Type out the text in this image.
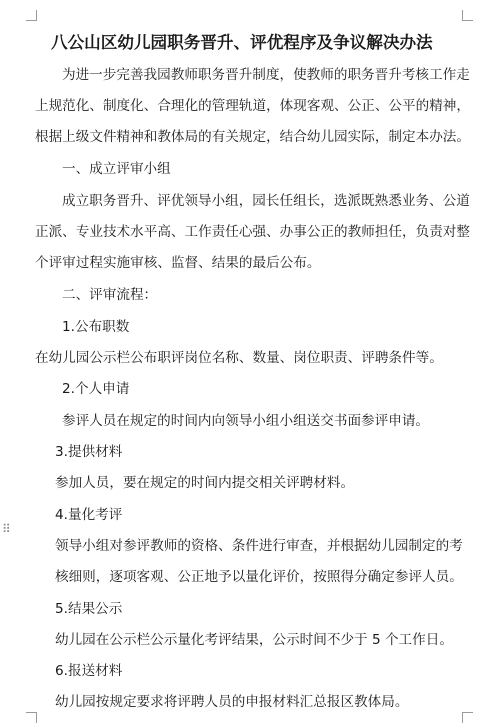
⠿
八公山区幼儿园职务晋升、评优程序及争议解决办法
为进一步完善我园教师职务晋升制度，使教师的职务晋升考核工作走
上规范化、制度化、合理化的管理轨道，体现客观、公正、公平的精神，
根据上级文件精神和教体局的有关规定，结合幼儿园实际，制定本办法。
一、成立评审小组
成立职务晋升、评优领导小组，园长任组长，选派既熟悉业务、公道
正派、专业技术水平高、工作责任心强、办事公正的教师担任，负责对整
个评审过程实施审核、监督、结果的最后公布。
二、评审流程：
1.公布职数
在幼儿园公示栏公布职评岗位名称、数量、岗位职责、评聘条件等。
2.个人申请
参评人员在规定的时间内向领导小组小组送交书面参评申请。
3.提供材料
参加人员，要在规定的时间内提交相关评聘材料。
4.量化考评
领导小组对参评教师的资格、条件进行审查，并根据幼儿园制定的考
核细则，逐项客观、公正地予以量化评价，按照得分确定参评人员。
5.结果公示
幼儿园在公示栏公示量化考评结果，公示时间不少于 5 个工作日。
6.报送材料
幼儿园按规定要求将评聘人员的申报材料汇总报区教体局。
